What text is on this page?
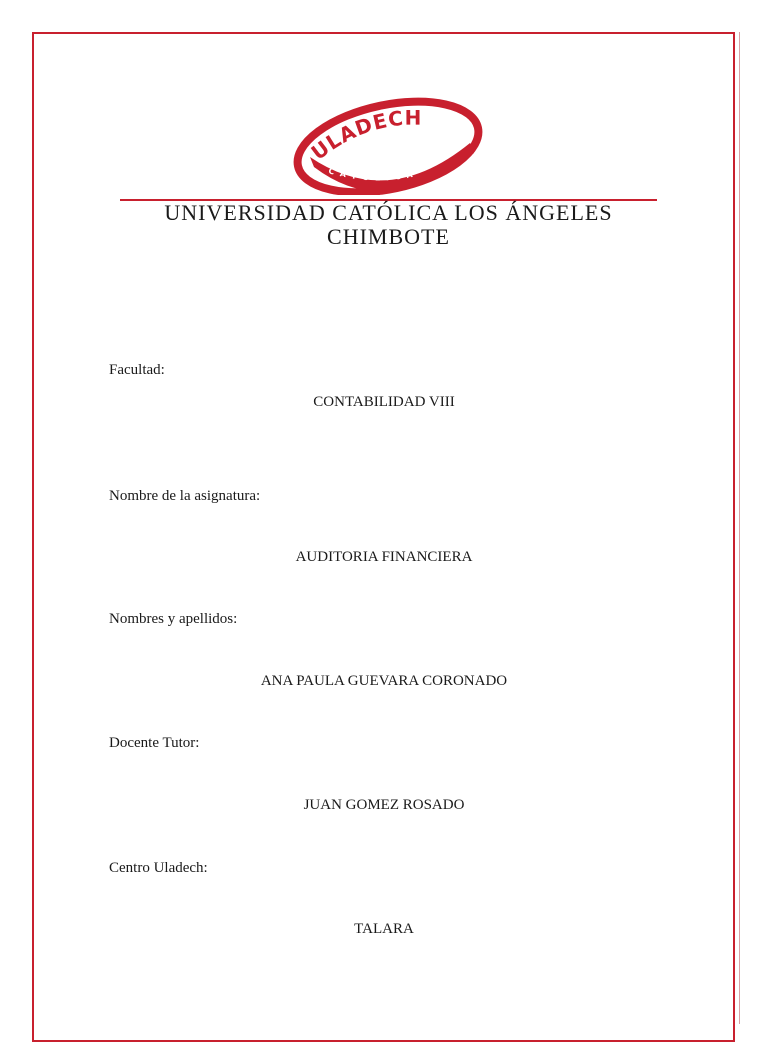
ULADECH
CATÓLICA
UNIVERSIDAD CATÓLICA LOS ÁNGELES
CHIMBOTE
Facultad:
CONTABILIDAD VIII
Nombre de la asignatura:
AUDITORIA FINANCIERA
Nombres y apellidos:
ANA PAULA GUEVARA CORONADO
Docente Tutor:
JUAN GOMEZ ROSADO
Centro Uladech:
TALARA
